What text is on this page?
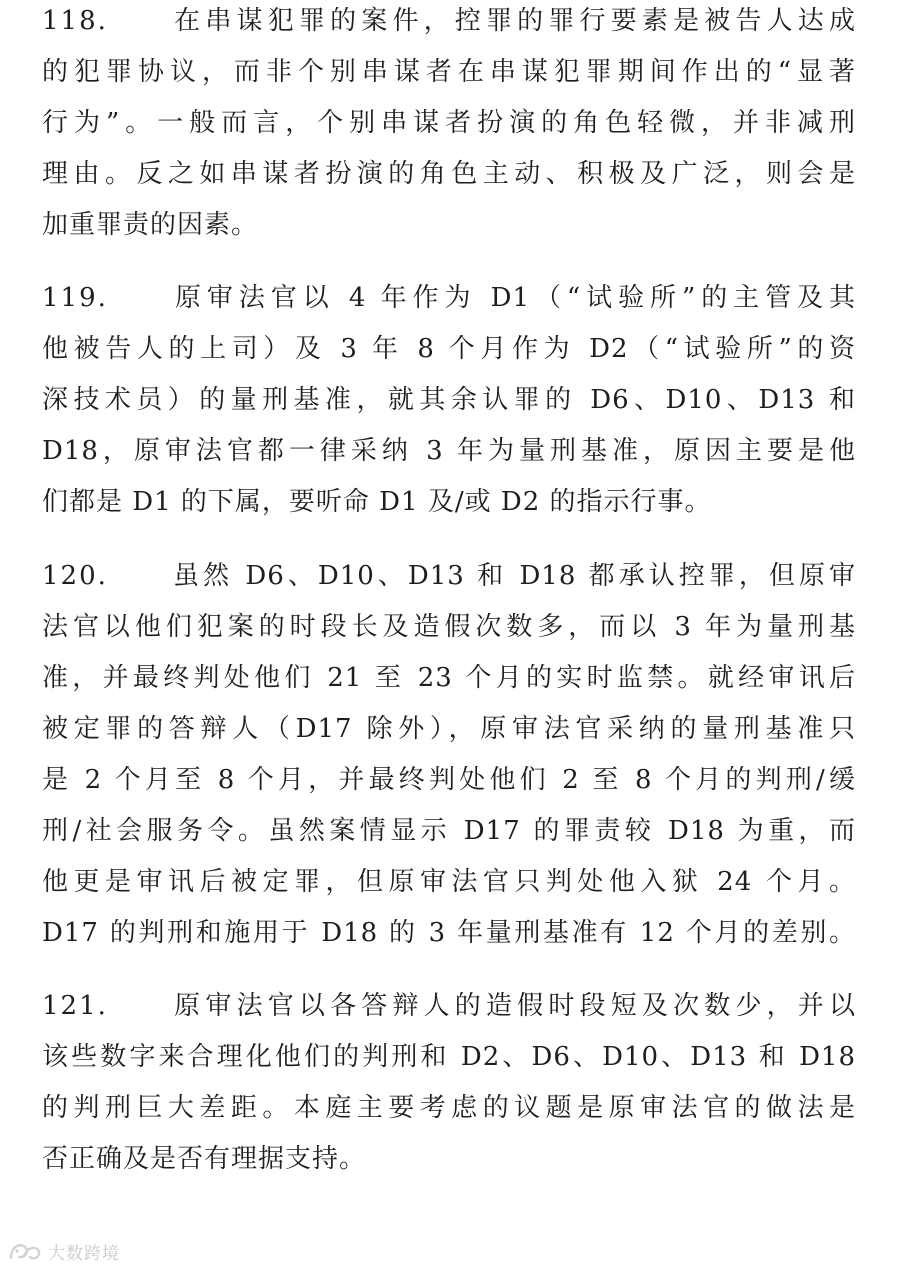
118. 在串谋犯罪的案件，控罪的罪行要素是被告人达成
的犯罪协议，而非个别串谋者在串谋犯罪期间作出的“显著
行为”。一般而言，个别串谋者扮演的角色轻微，并非减刑
理由。反之如串谋者扮演的角色主动、积极及广泛，则会是
加重罪责的因素。
119. 原审法官以 4 年作为 D1（“试验所”的主管及其
他被告人的上司）及 3 年 8 个月作为 D2（“试验所”的资
深技术员）的量刑基准，就其余认罪的 D6、D10、D13 和
D18，原审法官都一律采纳 3 年为量刑基准，原因主要是他
们都是 D1 的下属，要听命 D1 及/或 D2 的指示行事。
120. 虽然 D6、D10、D13 和 D18 都承认控罪，但原审
法官以他们犯案的时段长及造假次数多，而以 3 年为量刑基
准，并最终判处他们 21 至 23 个月的实时监禁。就经审讯后
被定罪的答辩人（D17 除外），原审法官采纳的量刑基准只
是 2 个月至 8 个月，并最终判处他们 2 至 8 个月的判刑/缓
刑/社会服务令。虽然案情显示 D17 的罪责较 D18 为重，而
他更是审讯后被定罪，但原审法官只判处他入狱 24 个月。
D17 的判刑和施用于 D18 的 3 年量刑基准有 12 个月的差别。
121. 原审法官以各答辩人的造假时段短及次数少，并以
该些数字来合理化他们的判刑和 D2、D6、D10、D13 和 D18
的判刑巨大差距。本庭主要考虑的议题是原审法官的做法是
否正确及是否有理据支持。
大数跨境
